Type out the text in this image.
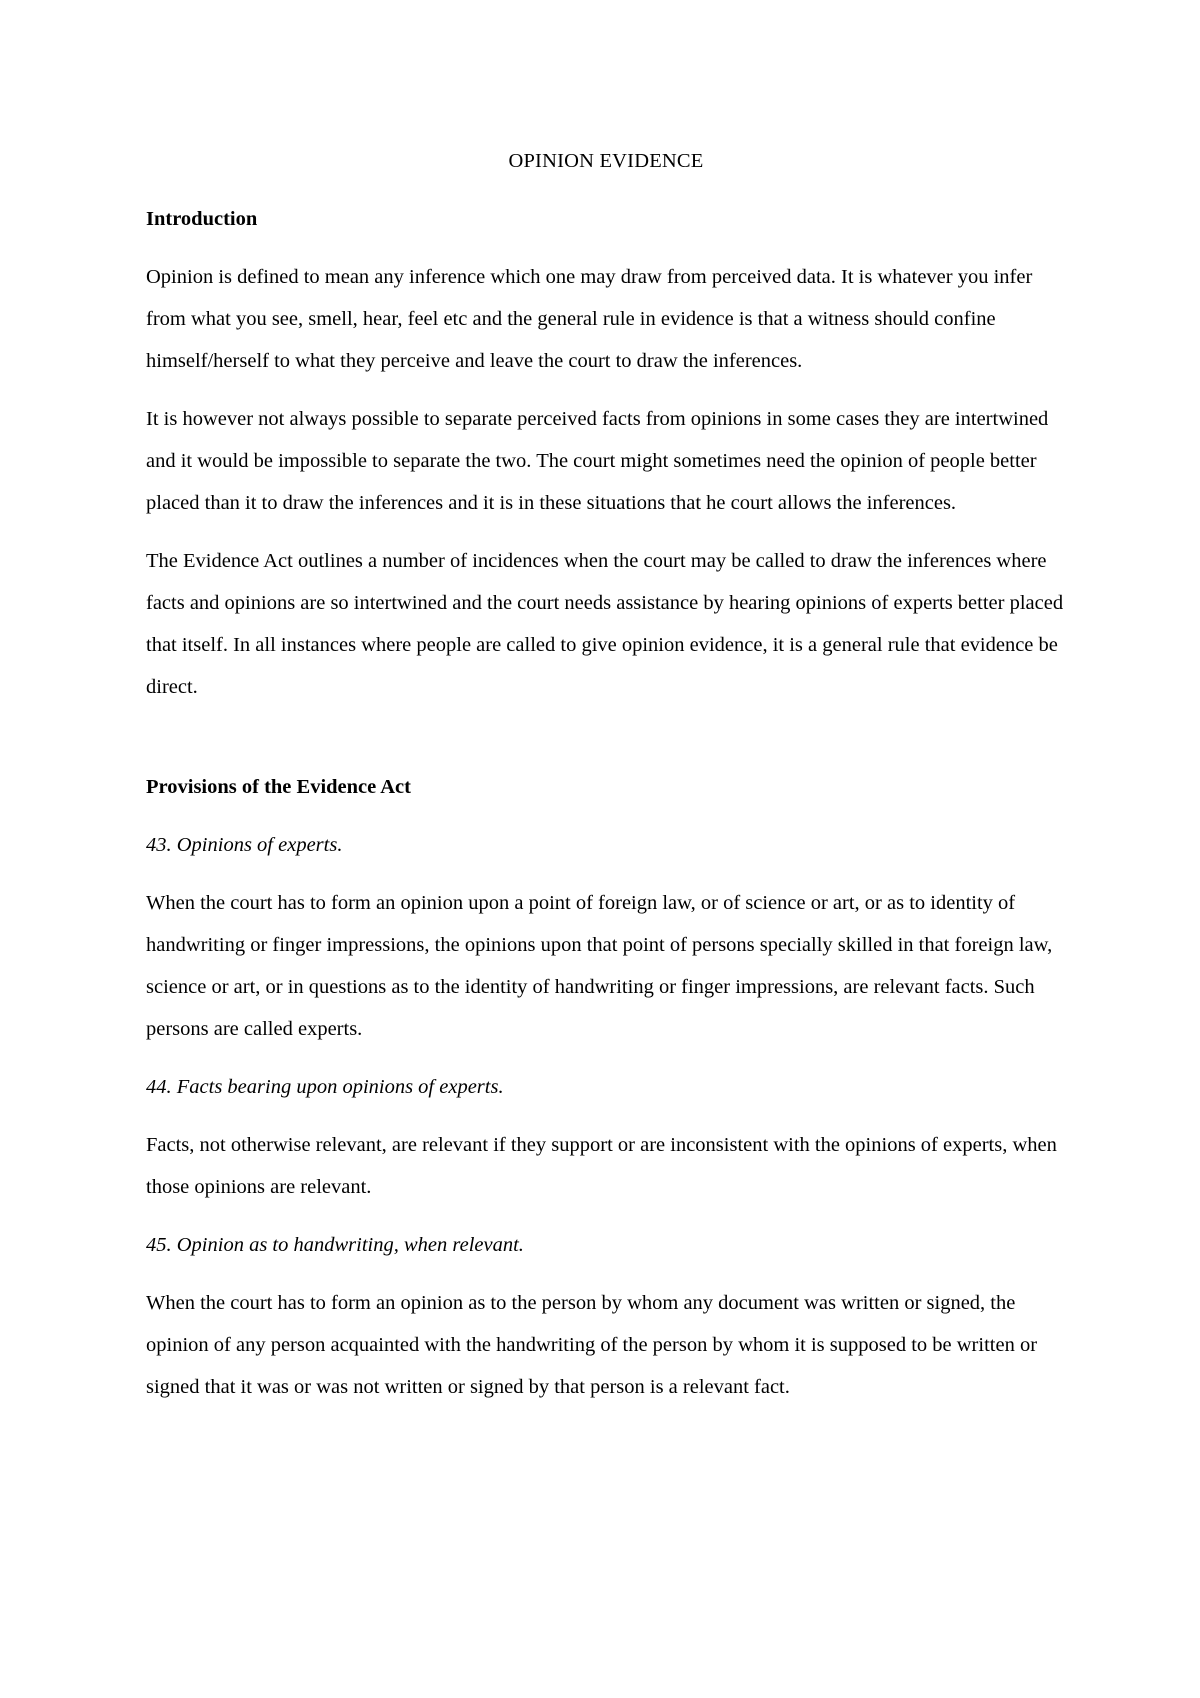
OPINION EVIDENCE
Introduction

Opinion is defined to mean any inference which one may draw from perceived data. It is whatever you infer from what you see, smell, hear, feel etc and the general rule in evidence is that a witness should confine himself/herself to what they perceive and leave the court to draw the inferences.

It is however not always possible to separate perceived facts from opinions in some cases they are intertwined and it would be impossible to separate the two. The court might sometimes need the opinion of people better placed than it to draw the inferences and it is in these situations that he court allows the inferences.

The Evidence Act outlines a number of incidences when the court may be called to draw the inferences where facts and opinions are so intertwined and the court needs assistance by hearing opinions of experts better placed that itself. In all instances where people are called to give opinion evidence, it is a general rule that evidence be direct.

Provisions of the Evidence Act

43. Opinions of experts.

When the court has to form an opinion upon a point of foreign law, or of science or art, or as to identity of handwriting or finger impressions, the opinions upon that point of persons specially skilled in that foreign law, science or art, or in questions as to the identity of handwriting or finger impressions, are relevant facts. Such persons are called experts.

44. Facts bearing upon opinions of experts.

Facts, not otherwise relevant, are relevant if they support or are inconsistent with the opinions of experts, when those opinions are relevant.

45. Opinion as to handwriting, when relevant.

When the court has to form an opinion as to the person by whom any document was written or signed, the opinion of any person acquainted with the handwriting of the person by whom it is supposed to be written or signed that it was or was not written or signed by that person is a relevant fact.
